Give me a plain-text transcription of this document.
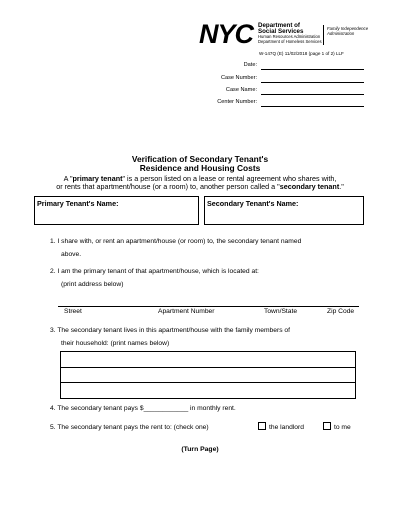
NYC Department of
Social Services
Human Resources Administration
Department of Homeless Services
Family Independence
Administration
W-147Q (E) 11/02/2018 (page 1 of 2) LLF
Date:
Case Number:
Case Name:
Center Number:
Verification of Secondary Tenant's
Residence and Housing Costs
A "primary tenant" is a person listed on a lease or rental agreement who shares with,
or rents that apartment/house (or a room) to, another person called a "secondary tenant."
Primary Tenant's Name:	Secondary Tenant's Name:
1. I share with, or rent an apartment/house (or room) to, the secondary tenant named
above.
2. I am the primary tenant of that apartment/house, which is located at:
(print address below)
Street	Apartment Number	Town/State	Zip Code
3. The secondary tenant lives in this apartment/house with the family members of
their household: (print names below)
4. The secondary tenant pays $____________ in monthly rent.
5. The secondary tenant pays the rent to: (check one)	the landlord	to me
(Turn Page)
